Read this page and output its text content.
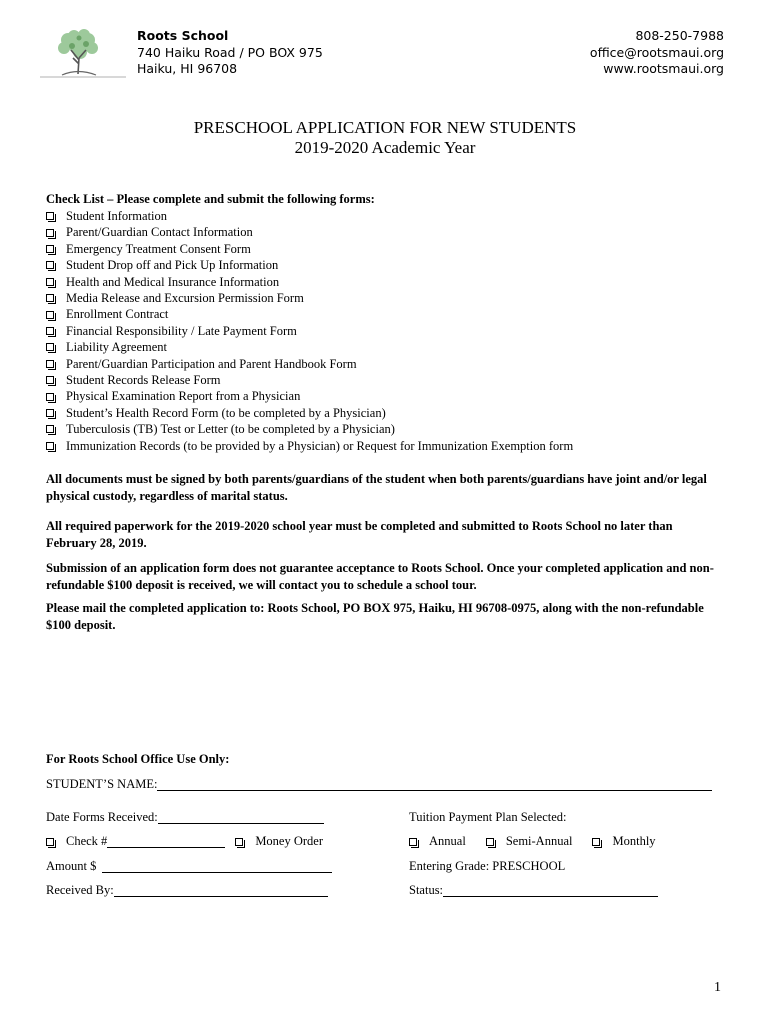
Roots School
740 Haiku Road / PO BOX 975
Haiku, HI 96708
808-250-7988
office@rootsmaui.org
www.rootsmaui.org
PRESCHOOL APPLICATION FOR NEW STUDENTS
2019-2020 Academic Year
Check List – Please complete and submit the following forms:
Student Information
Parent/Guardian Contact Information
Emergency Treatment Consent Form
Student Drop off and Pick Up Information
Health and Medical Insurance Information
Media Release and Excursion Permission Form
Enrollment Contract
Financial Responsibility / Late Payment Form
Liability Agreement
Parent/Guardian Participation and Parent Handbook Form
Student Records Release Form
Physical Examination Report from a Physician
Student’s Health Record Form (to be completed by a Physician)
Tuberculosis (TB) Test or Letter (to be completed by a Physician)
Immunization Records (to be provided by a Physician) or Request for Immunization Exemption form
All documents must be signed by both parents/guardians of the student when both parents/guardians have joint and/or legal physical custody, regardless of marital status.
All required paperwork for the 2019-2020 school year must be completed and submitted to Roots School no later than February 28, 2019.
Submission of an application form does not guarantee acceptance to Roots School. Once your completed application and non-refundable $100 deposit is received, we will contact you to schedule a school tour.
Please mail the completed application to: Roots School, PO BOX 975, Haiku, HI 96708-0975, along with the non-refundable $100 deposit.
For Roots School Office Use Only:
STUDENT’S NAME:
Date Forms Received:	Tuition Payment Plan Selected:
Check #	Money Order	Annual	Semi-Annual	Monthly
Amount $	Entering Grade: PRESCHOOL
Received By:	Status:
1
